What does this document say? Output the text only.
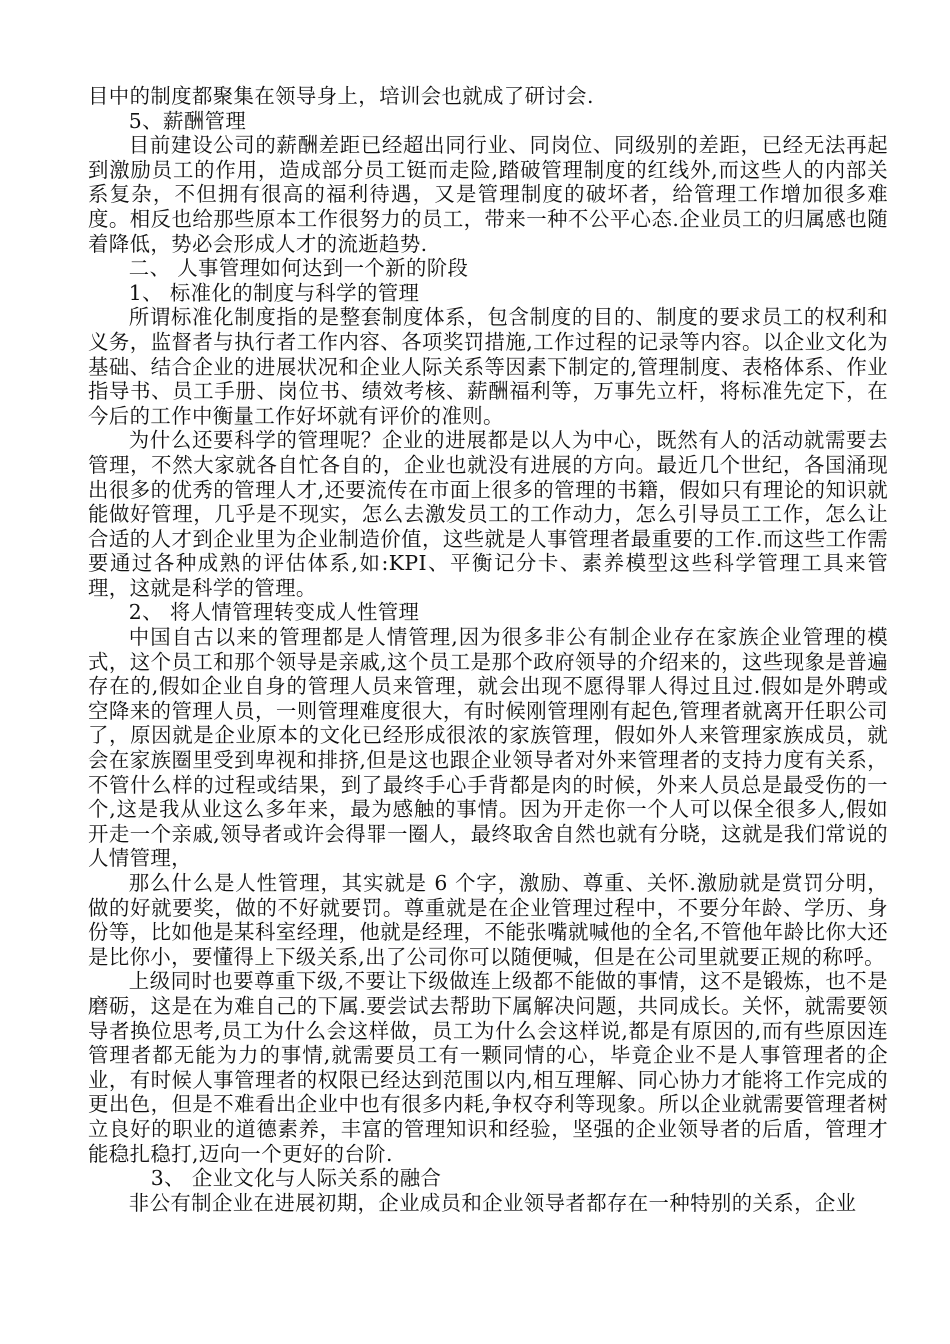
目中的制度都聚集在领导身上，培训会也就成了研讨会.

5、薪酬管理

目前建设公司的薪酬差距已经超出同行业、同岗位、同级别的差距，已经无法再起到激励员工的作用，造成部分员工铤而走险,踏破管理制度的红线外,而这些人的内部关系复杂，不但拥有很高的福利待遇，又是管理制度的破坏者，给管理工作增加很多难度。相反也给那些原本工作很努力的员工，带来一种不公平心态.企业员工的归属感也随着降低，势必会形成人才的流逝趋势.

二、 人事管理如何达到一个新的阶段

1、 标准化的制度与科学的管理

所谓标准化制度指的是整套制度体系，包含制度的目的、制度的要求员工的权利和义务，监督者与执行者工作内容、各项奖罚措施,工作过程的记录等内容。以企业文化为基础、结合企业的进展状况和企业人际关系等因素下制定的,管理制度、表格体系、作业指导书、员工手册、岗位书、绩效考核、薪酬福利等，万事先立杆，将标准先定下，在今后的工作中衡量工作好坏就有评价的准则。

为什么还要科学的管理呢？企业的进展都是以人为中心，既然有人的活动就需要去管理，不然大家就各自忙各自的，企业也就没有进展的方向。最近几个世纪，各国涌现出很多的优秀的管理人才,还要流传在市面上很多的管理的书籍，假如只有理论的知识就能做好管理，几乎是不现实，怎么去激发员工的工作动力，怎么引导员工工作，怎么让合适的人才到企业里为企业制造价值，这些就是人事管理者最重要的工作.而这些工作需要通过各种成熟的评估体系,如:KPI、平衡记分卡、素养模型这些科学管理工具来管理，这就是科学的管理。

2、 将人情管理转变成人性管理

中国自古以来的管理都是人情管理,因为很多非公有制企业存在家族企业管理的模式，这个员工和那个领导是亲戚,这个员工是那个政府领导的介绍来的，这些现象是普遍存在的,假如企业自身的管理人员来管理，就会出现不愿得罪人得过且过.假如是外聘或空降来的管理人员，一则管理难度很大，有时候刚管理刚有起色,管理者就离开任职公司了，原因就是企业原本的文化已经形成很浓的家族管理，假如外人来管理家族成员，就会在家族圈里受到卑视和排挤,但是这也跟企业领导者对外来管理者的支持力度有关系，不管什么样的过程或结果，到了最终手心手背都是肉的时候，外来人员总是最受伤的一个,这是我从业这么多年来，最为感触的事情。因为开走你一个人可以保全很多人,假如开走一个亲戚,领导者或许会得罪一圈人，最终取舍自然也就有分晓，这就是我们常说的人情管理，

那么什么是人性管理，其实就是 6 个字，激励、尊重、关怀.激励就是赏罚分明，做的好就要奖，做的不好就要罚。尊重就是在企业管理过程中，不要分年龄、学历、身份等，比如他是某科室经理，他就是经理，不能张嘴就喊他的全名,不管他年龄比你大还是比你小，要懂得上下级关系,出了公司你可以随便喊，但是在公司里就要正规的称呼。

上级同时也要尊重下级,不要让下级做连上级都不能做的事情，这不是锻炼，也不是磨砺，这是在为难自己的下属.要尝试去帮助下属解决问题，共同成长。关怀，就需要领导者换位思考,员工为什么会这样做，员工为什么会这样说,都是有原因的,而有些原因连管理者都无能为力的事情,就需要员工有一颗同情的心，毕竟企业不是人事管理者的企业，有时候人事管理者的权限已经达到范围以内,相互理解、同心协力才能将工作完成的更出色，但是不难看出企业中也有很多内耗,争权夺利等现象。所以企业就需要管理者树立良好的职业的道德素养，丰富的管理知识和经验，坚强的企业领导者的后盾，管理才能稳扎稳打,迈向一个更好的台阶.

3、 企业文化与人际关系的融合

非公有制企业在进展初期，企业成员和企业领导者都存在一种特别的关系，企业
